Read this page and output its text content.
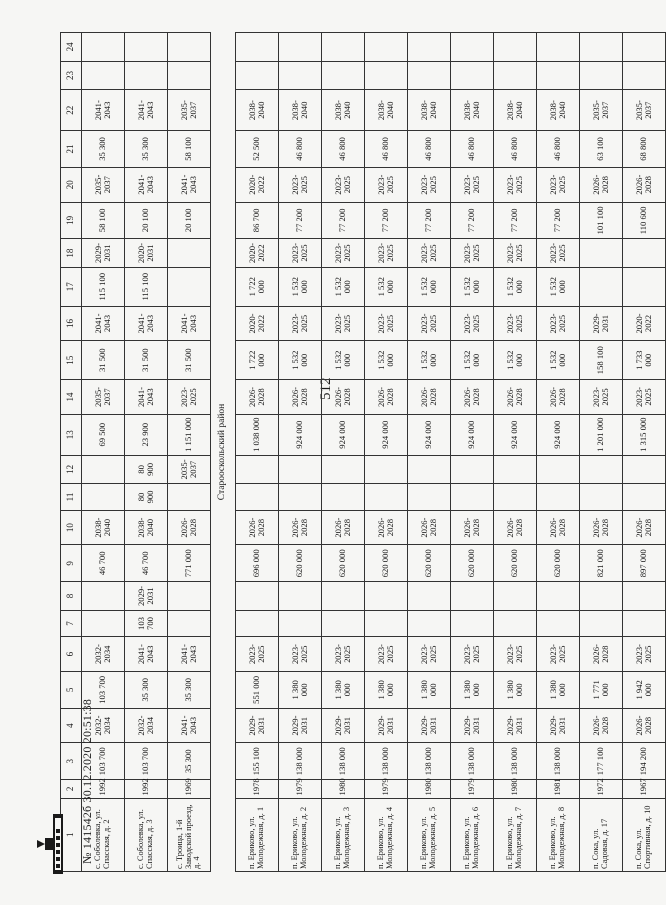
512
1	2	3	4	5	6	7	8	9	10	11	12	13	14	15	16	17	18	19	20	21	22	23	24
с. Соболевка, ул. Спасская, д. 2	1992	103 700	2032-2034	103 700	2032-2034			46 700	2038-2040			69 500	2035-2037	31 500	2041-2043	115 100	2029-2031	58 100	2035-2037	35 300	2041-2043		
с. Соболевка, ул. Спасская, д. 3	1992	103 700	2032-2034	35 300	2041-2043	103 700	2029-2031	46 700	2038-2040	80 900	80 900	23 900	2041-2043	31 500	2041-2043	115 100	2020-2031	20 100	2041-2043	35 300	2041-2043		
с. Троица, 1-й Заводской проезд, д. 4	1969	35 300	2041-2043	35 300	2041-2043			771 000	2026-2028		2035-2037	1 151 000	2023-2025	31 500	2041-2043			20 100	2041-2043	58 100	2035-2037		
Старооскольский район																							
п. Ериково, ул. Молодежная, д. 1	1978	155 100	2029-2031	551 000	2023-2025			696 000	2026-2028			1 038 000	2026-2028	1 722 000	2020-2022	1 722 000	2020-2022	86 700	2020-2022	52 500	2038-2040		
п. Ериково, ул. Молодежная, д. 2	1979	138 000	2029-2031	1 380 000	2023-2025			620 000	2026-2028			924 000	2026-2028	1 532 000	2023-2025	1 532 000	2023-2025	77 200	2023-2025	46 800	2038-2040		
п. Ериково, ул. Молодежная, д. 3	1980	138 000	2029-2031	1 380 000	2023-2025			620 000	2026-2028			924 000	2026-2028	1 532 000	2023-2025	1 532 000	2023-2025	77 200	2023-2025	46 800	2038-2040		
п. Ериково, ул. Молодежная, д. 4	1979	138 000	2029-2031	1 380 000	2023-2025			620 000	2026-2028			924 000	2026-2028	1 532 000	2023-2025	1 532 000	2023-2025	77 200	2023-2025	46 800	2038-2040		
п. Ериково, ул. Молодежная, д. 5	1980	138 000	2029-2031	1 380 000	2023-2025			620 000	2026-2028			924 000	2026-2028	1 532 000	2023-2025	1 532 000	2023-2025	77 200	2023-2025	46 800	2038-2040		
п. Ериково, ул. Молодежная, д. 6	1979	138 000	2029-2031	1 380 000	2023-2025			620 000	2026-2028			924 000	2026-2028	1 532 000	2023-2025	1 532 000	2023-2025	77 200	2023-2025	46 800	2038-2040		
п. Ериково, ул. Молодежная, д. 7	1980	138 000	2029-2031	1 380 000	2023-2025			620 000	2026-2028			924 000	2026-2028	1 532 000	2023-2025	1 532 000	2023-2025	77 200	2023-2025	46 800	2038-2040		
п. Ериково, ул. Молодежная, д. 8	1981	138 000	2029-2031	1 380 000	2023-2025			620 000	2026-2028			924 000	2026-2028	1 532 000	2023-2025	1 532 000	2023-2025	77 200	2023-2025	46 800	2038-2040		
п. Сока, ул. Садовая, д. 17	1972	177 100	2026-2028	1 771 000	2026-2028			821 000	2026-2028			1 201 000	2023-2025	158 100	2029-2031			101 100	2026-2028	63 100	2035-2037		
п. Сока, ул. Спортивная, д. 10	1967	194 200	2026-2028	1 942 000	2023-2025			897 000	2026-2028			1 315 000	2023-2025	1 733 000	2020-2022			110 600	2026-2028	68 800	2035-2037		
№ 141542б 30.12.2020 20:51:38
